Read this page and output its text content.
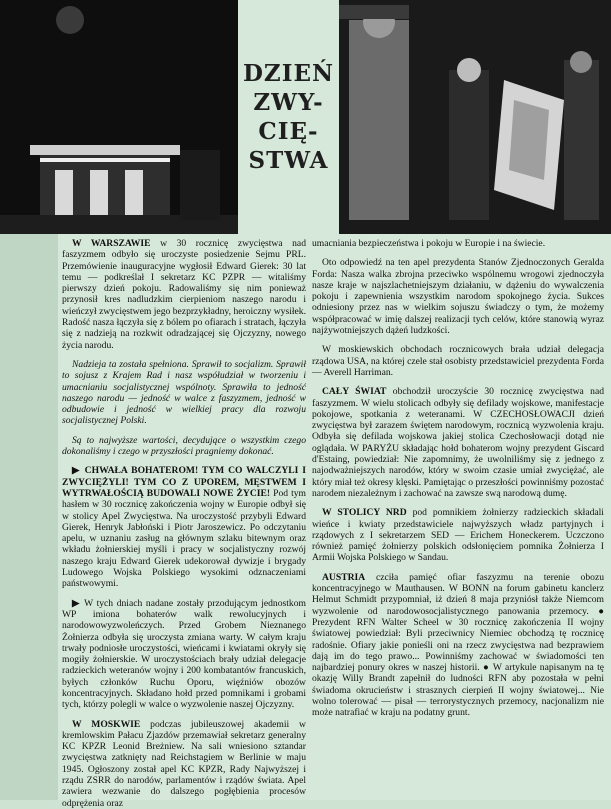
DZIEŃ
ZWY-
CIĘ-
STWA

W WARSZAWIE w 30 rocznicę zwycięstwa nad faszyzmem odbyło się uroczyste posiedzenie Sejmu PRL. Przemówienie inauguracyjne wygłosił Edward Gierek: 30 lat temu — podkreślał I sekretarz KC PZPR — witaliśmy pierwszy dzień pokoju. Radowaliśmy się nim ponieważ przynosił kres nadludzkim cierpieniom naszego narodu i wieńczył zwycięstwem jego bezprzykładny, heroiczny wysiłek. Radość nasza łączyła się z bólem po ofiarach i stratach, łączyła się z nadzieją na rozkwit odradzającej się Ojczyzny, nowego życia narodu.

Nadzieja ta została spełniona. Sprawił to socjalizm. Sprawił to sojusz z Krajem Rad i nasz współudział w tworzeniu i umacnianiu socjalistycznej wspólnoty. Sprawiła to jedność naszego narodu — jedność w walce z faszyzmem, jedność w odbudowie i jedność w wielkiej pracy dla rozwoju socjalistycznej Polski.

Są to najwyższe wartości, decydujące o wszystkim czego dokonaliśmy i czego w przyszłości pragniemy dokonać.

▶ CHWAŁA BOHATEROM! TYM CO WALCZYLI I ZWYCIĘŻYLI! TYM CO Z UPOREM, MĘSTWEM I WYTRWAŁOŚCIĄ BUDOWALI NOWE ŻYCIE! Pod tym hasłem w 30 rocznicę zakończenia wojny w Europie odbył się w stolicy Apel Zwycięstwa. Na uroczystość przybyli Edward Gierek, Henryk Jabłoński i Piotr Jaroszewicz. Po odczytaniu apelu, w uznaniu zasług na głównym szlaku bitewnym oraz wkładu żołnierskiej myśli i pracy w socjalistyczny rozwój naszego kraju Edward Gierek udekorował dywizje i brygady Ludowego Wojska Polskiego wysokimi odznaczeniami państwowymi.

▶ W tych dniach nadane zostały przodującym jednostkom WP imiona bohaterów walk rewolucyjnych i narodowowyzwoleńczych. Przed Grobem Nieznanego Żołnierza odbyła się uroczysta zmiana warty. W całym kraju trwały podniosłe uroczystości, wieńcami i kwiatami okryły się mogiły żołnierskie. W uroczystościach brały udział delegacje radzieckich weteranów wojny i 200 kombatantów francuskich, byłych członków Ruchu Oporu, więźniów obozów koncentracyjnych. Składano hołd przed pomnikami i grobami tych, którzy polegli w walce o wyzwolenie naszej Ojczyzny.

W MOSKWIE podczas jubileuszowej akademii w kremlowskim Pałacu Zjazdów przemawiał sekretarz generalny KC KPZR Leonid Breżniew. Na sali wniesiono sztandar zwycięstwa zatknięty nad Reichstagiem w Berlinie w maju 1945. Ogłoszony został apel KC KPZR, Rady Najwyższej i rządu ZSRR do narodów, parlamentów i rządów świata. Apel zawiera wezwanie do dalszego pogłębienia procesów odprężenia oraz

umacniania bezpieczeństwa i pokoju w Europie i na świecie.

Oto odpowiedź na ten apel prezydenta Stanów Zjednoczonych Geralda Forda: Nasza walka zbrojna przeciwko wspólnemu wrogowi zjednoczyła nasze kraje w najszlachetniejszym działaniu, w dążeniu do wywalczenia pokoju i zapewnienia wszystkim narodom spokojnego życia. Sukces odniesiony przez nas w wielkim sojuszu świadczy o tym, że możemy współpracować w imię dalszej realizacji tych celów, które stanowią wyraz najżywotniejszych dążeń ludzkości.

W moskiewskich obchodach rocznicowych brała udział delegacja rządowa USA, na której czele stał osobisty przedstawiciel prezydenta Forda — Averell Harriman.

CAŁY ŚWIAT obchodził uroczyście 30 rocznicę zwycięstwa nad faszyzmem. W wielu stolicach odbyły się defilady wojskowe, manifestacje pokojowe, spotkania z weteranami. W CZECHOSŁOWACJI dzień zwycięstwa był zarazem świętem narodowym, rocznicą wyzwolenia kraju. Odbyła się defilada wojskowa jakiej stolica Czechosłowacji dotąd nie oglądała. W PARYŻU składając hołd bohaterom wojny prezydent Giscard d'Estaing, powiedział: Nie zapomnimy, że uwolniliśmy się z jednego z najodważniejszych narodów, który w swoim czasie umiał zwyciężać, ale który miał też okresy klęski. Pamiętając o przeszłości powinniśmy pozostać narodem niezależnym i zachować na zawsze swą narodową dumę.

W STOLICY NRD pod pomnikiem żołnierzy radzieckich składali wieńce i kwiaty przedstawiciele najwyższych władz partyjnych i rządowych z I sekretarzem SED — Erichem Honeckerem. Uczczono również pamięć żołnierzy polskich odsłonięciem pomnika Żołnierza I Armii Wojska Polskiego w Sandau.

AUSTRIA czciła pamięć ofiar faszyzmu na terenie obozu koncentracyjnego w Mauthausen. W BONN na forum gabinetu kanclerz Helmut Schmidt przypomniał, iż dzień 8 maja przyniósł także Niemcom wyzwolenie od narodowosocjalistycznego panowania przemocy. ● Prezydent RFN Walter Scheel w 30 rocznicę zakończenia II wojny światowej powiedział: Byli przeciwnicy Niemiec obchodzą tę rocznicę radośnie. Ofiary jakie ponieśli oni na rzecz zwycięstwa nad bezprawiem dają im do tego prawo... Powinniśmy zachować w świadomości ten najbardziej ponury okres w naszej historii. ● W artykule napisanym na tę okazję Willy Brandt zapełnił do ludności RFN aby pozostała w pełni świadoma okrucieństw i strasznych cierpień II wojny światowej... Nie wolno tolerować — pisał — terrorystycznych przemocy, nacjonalizm nie może natrafiać w kraju na podatny grunt.
